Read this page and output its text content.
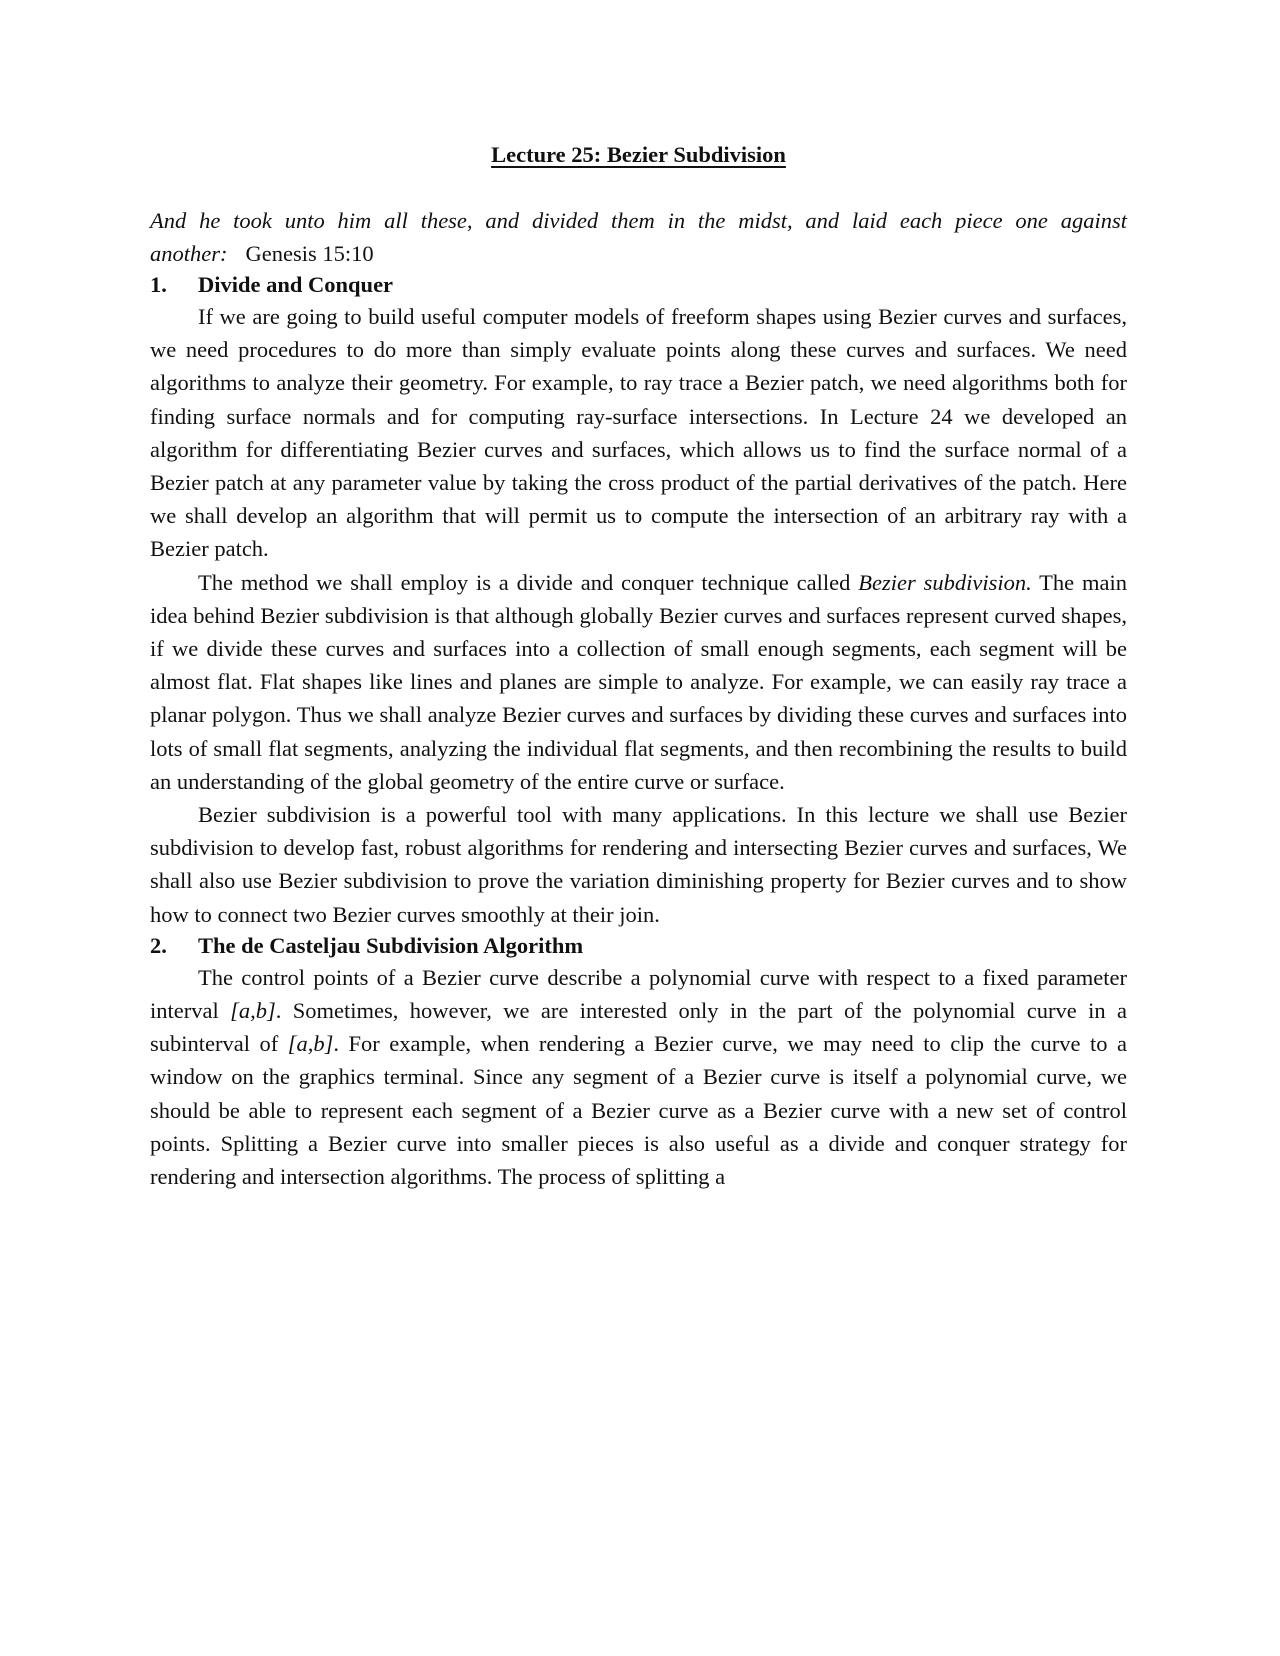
Lecture 25: Bezier Subdivision
And he took unto him all these, and divided them in the midst, and laid each piece one against another: Genesis 15:10
1.	Divide and Conquer

If we are going to build useful computer models of freeform shapes using Bezier curves and surfaces, we need procedures to do more than simply evaluate points along these curves and surfaces. We need algorithms to analyze their geometry. For example, to ray trace a Bezier patch, we need algorithms both for finding surface normals and for computing ray-surface intersections. In Lecture 24 we developed an algorithm for differentiating Bezier curves and surfaces, which allows us to find the surface normal of a Bezier patch at any parameter value by taking the cross product of the partial derivatives of the patch. Here we shall develop an algorithm that will permit us to compute the intersection of an arbitrary ray with a Bezier patch.

The method we shall employ is a divide and conquer technique called Bezier subdivision. The main idea behind Bezier subdivision is that although globally Bezier curves and surfaces represent curved shapes, if we divide these curves and surfaces into a collection of small enough segments, each segment will be almost flat. Flat shapes like lines and planes are simple to analyze. For example, we can easily ray trace a planar polygon. Thus we shall analyze Bezier curves and surfaces by dividing these curves and surfaces into lots of small flat segments, analyzing the individual flat segments, and then recombining the results to build an understanding of the global geometry of the entire curve or surface.

Bezier subdivision is a powerful tool with many applications. In this lecture we shall use Bezier subdivision to develop fast, robust algorithms for rendering and intersecting Bezier curves and surfaces, We shall also use Bezier subdivision to prove the variation diminishing property for Bezier curves and to show how to connect two Bezier curves smoothly at their join.

2.	The de Casteljau Subdivision Algorithm

The control points of a Bezier curve describe a polynomial curve with respect to a fixed parameter interval [a,b]. Sometimes, however, we are interested only in the part of the polynomial curve in a subinterval of [a,b]. For example, when rendering a Bezier curve, we may need to clip the curve to a window on the graphics terminal. Since any segment of a Bezier curve is itself a polynomial curve, we should be able to represent each segment of a Bezier curve as a Bezier curve with a new set of control points. Splitting a Bezier curve into smaller pieces is also useful as a divide and conquer strategy for rendering and intersection algorithms. The process of splitting a
